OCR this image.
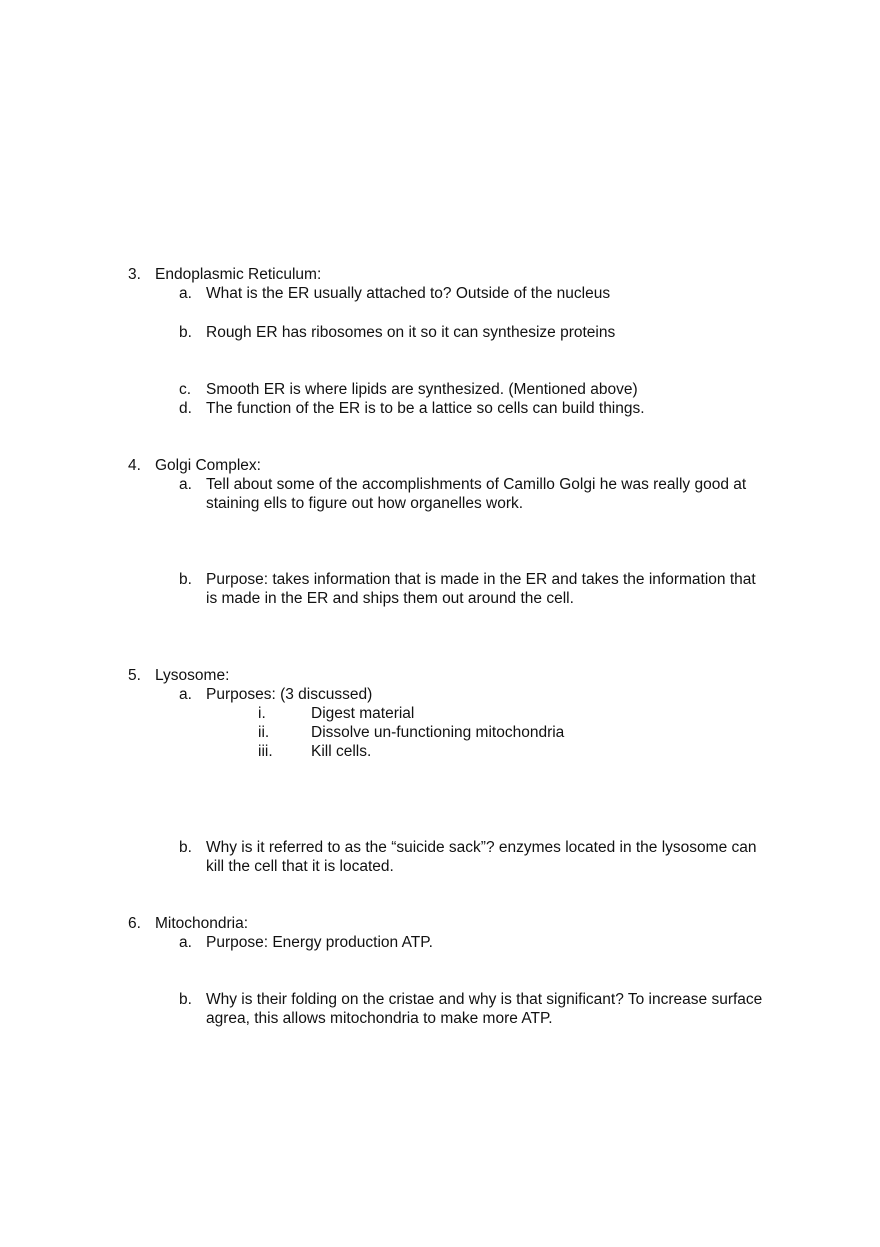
3. Endoplasmic Reticulum:
a. What is the ER usually attached to? Outside of the nucleus
b. Rough ER has ribosomes on it so it can synthesize proteins
c. Smooth ER is where lipids are synthesized. (Mentioned above)
d. The function of the ER is to be a lattice so cells can build things.
4. Golgi Complex:
a. Tell about some of the accomplishments of Camillo Golgi he was really good at
staining ells to figure out how organelles work.
b. Purpose: takes information that is made in the ER and takes the information that
is made in the ER and ships them out around the cell.
5. Lysosome:
a. Purposes: (3 discussed)
i.	Digest material
ii.	Dissolve un-functioning mitochondria
iii. Kill cells.
b. Why is it referred to as the “suicide sack”? enzymes located in the lysosome can
kill the cell that it is located.
6. Mitochondria:
a. Purpose: Energy production ATP.
b. Why is their folding on the cristae and why is that significant? To increase surface
agrea, this allows mitochondria to make more ATP.
